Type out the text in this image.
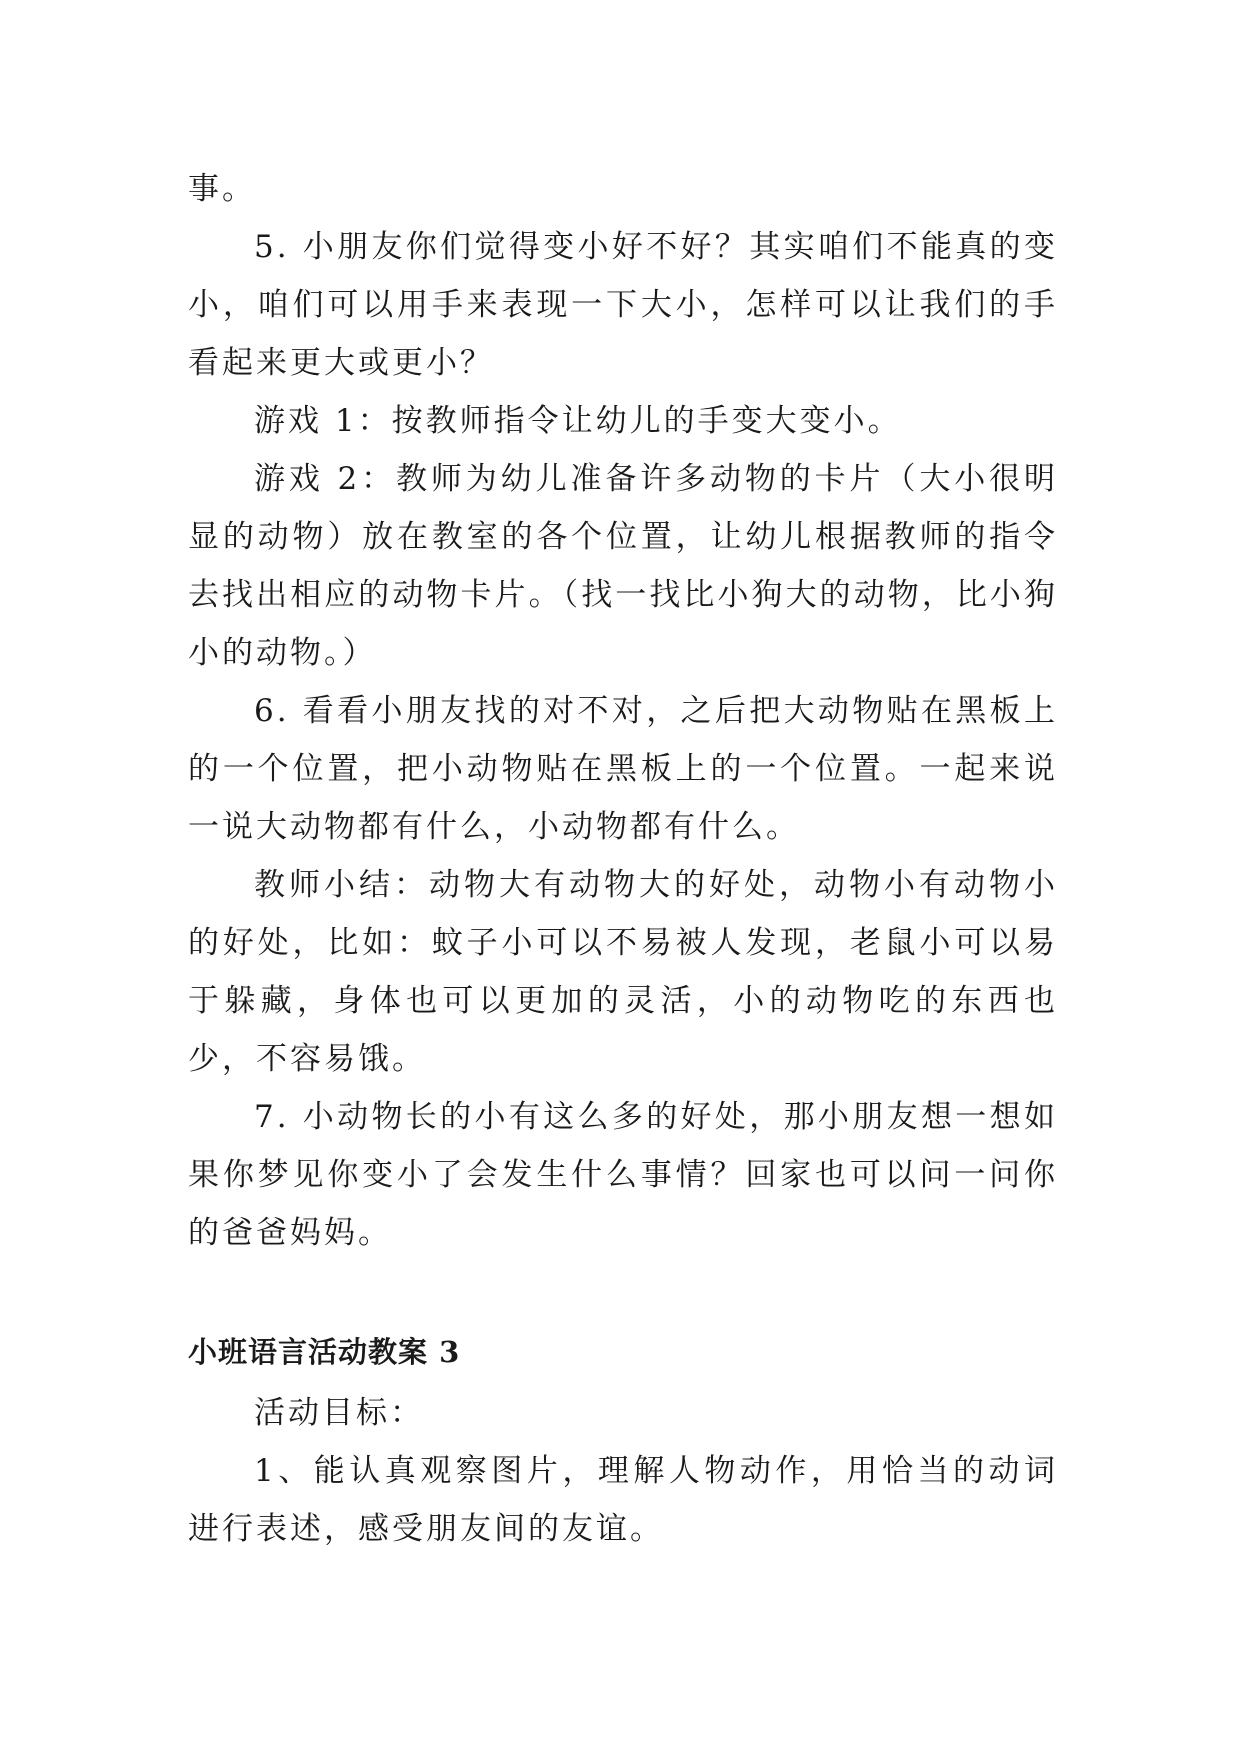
事。

5. 小朋友你们觉得变小好不好？其实咱们不能真的变小，咱们可以用手来表现一下大小，怎样可以让我们的手看起来更大或更小？

游戏 1：按教师指令让幼儿的手变大变小。

游戏 2：教师为幼儿准备许多动物的卡片（大小很明显的动物）放在教室的各个位置，让幼儿根据教师的指令去找出相应的动物卡片。（找一找比小狗大的动物，比小狗小的动物。）

6. 看看小朋友找的对不对，之后把大动物贴在黑板上的一个位置，把小动物贴在黑板上的一个位置。一起来说一说大动物都有什么，小动物都有什么。

教师小结：动物大有动物大的好处，动物小有动物小的好处，比如：蚊子小可以不易被人发现，老鼠小可以易于躲藏，身体也可以更加的灵活，小的动物吃的东西也少，不容易饿。

7. 小动物长的小有这么多的好处，那小朋友想一想如果你梦见你变小了会发生什么事情？回家也可以问一问你的爸爸妈妈。

小班语言活动教案 3

活动目标：

1、能认真观察图片，理解人物动作，用恰当的动词进行表述，感受朋友间的友谊。
